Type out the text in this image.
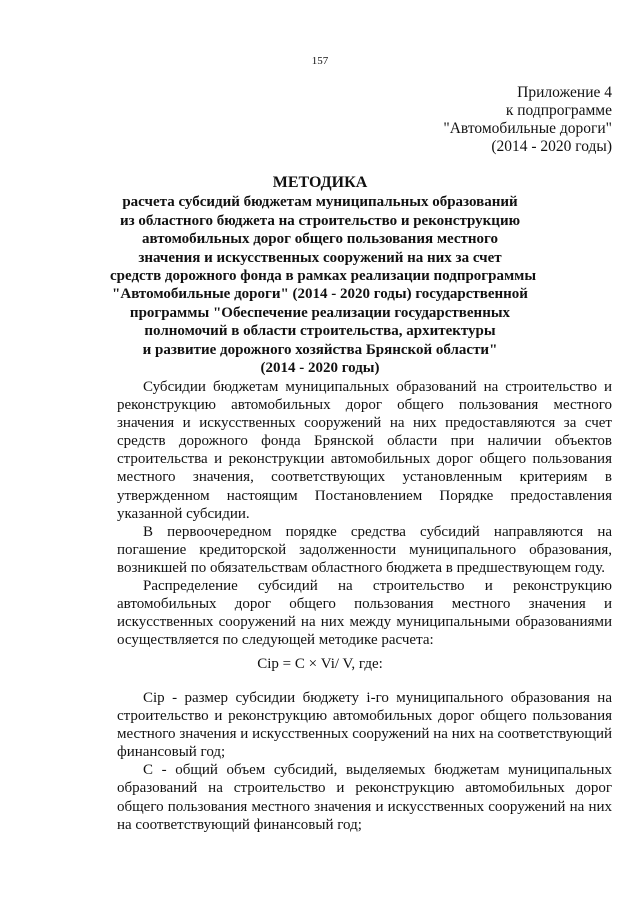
157
Приложение 4
к подпрограмме
"Автомобильные дороги"
(2014 - 2020 годы)
МЕТОДИКА
расчета субсидий бюджетам муниципальных образований
из областного бюджета на строительство и реконструкцию
автомобильных дорог общего пользования местного
значения и искусственных сооружений на них за счет
средств дорожного фонда в рамках реализации подпрограммы
"Автомобильные дороги" (2014 - 2020 годы) государственной
программы "Обеспечение реализации государственных
полномочий в области строительства, архитектуры
и развитие дорожного хозяйства Брянской области"
(2014 - 2020 годы)

Субсидии бюджетам муниципальных образований на строительство и реконструкцию автомобильных дорог общего пользования местного значения и искусственных сооружений на них предоставляются за счет средств дорожного фонда Брянской области при наличии объектов строительства и реконструкции автомобильных дорог общего пользования местного значения, соответствующих установленным критериям в утвержденном настоящим Постановлением Порядке предоставления указанной субсидии.

В первоочередном порядке средства субсидий направляются на погашение кредиторской задолженности муниципального образования, возникшей по обязательствам областного бюджета в предшествующем году.

Распределение субсидий на строительство и реконструкцию автомобильных дорог общего пользования местного значения и искусственных сооружений на них между муниципальными образованиями осуществляется по следующей методике расчета:

Ciр = С × Vi/ V, где:

Ciр - размер субсидии бюджету i-го муниципального образования на строительство и реконструкцию автомобильных дорог общего пользования местного значения и искусственных сооружений на них на соответствующий финансовый год;

С - общий объем субсидий, выделяемых бюджетам муниципальных образований на строительство и реконструкцию автомобильных дорог общего пользования местного значения и искусственных сооружений на них на соответствующий финансовый год;
